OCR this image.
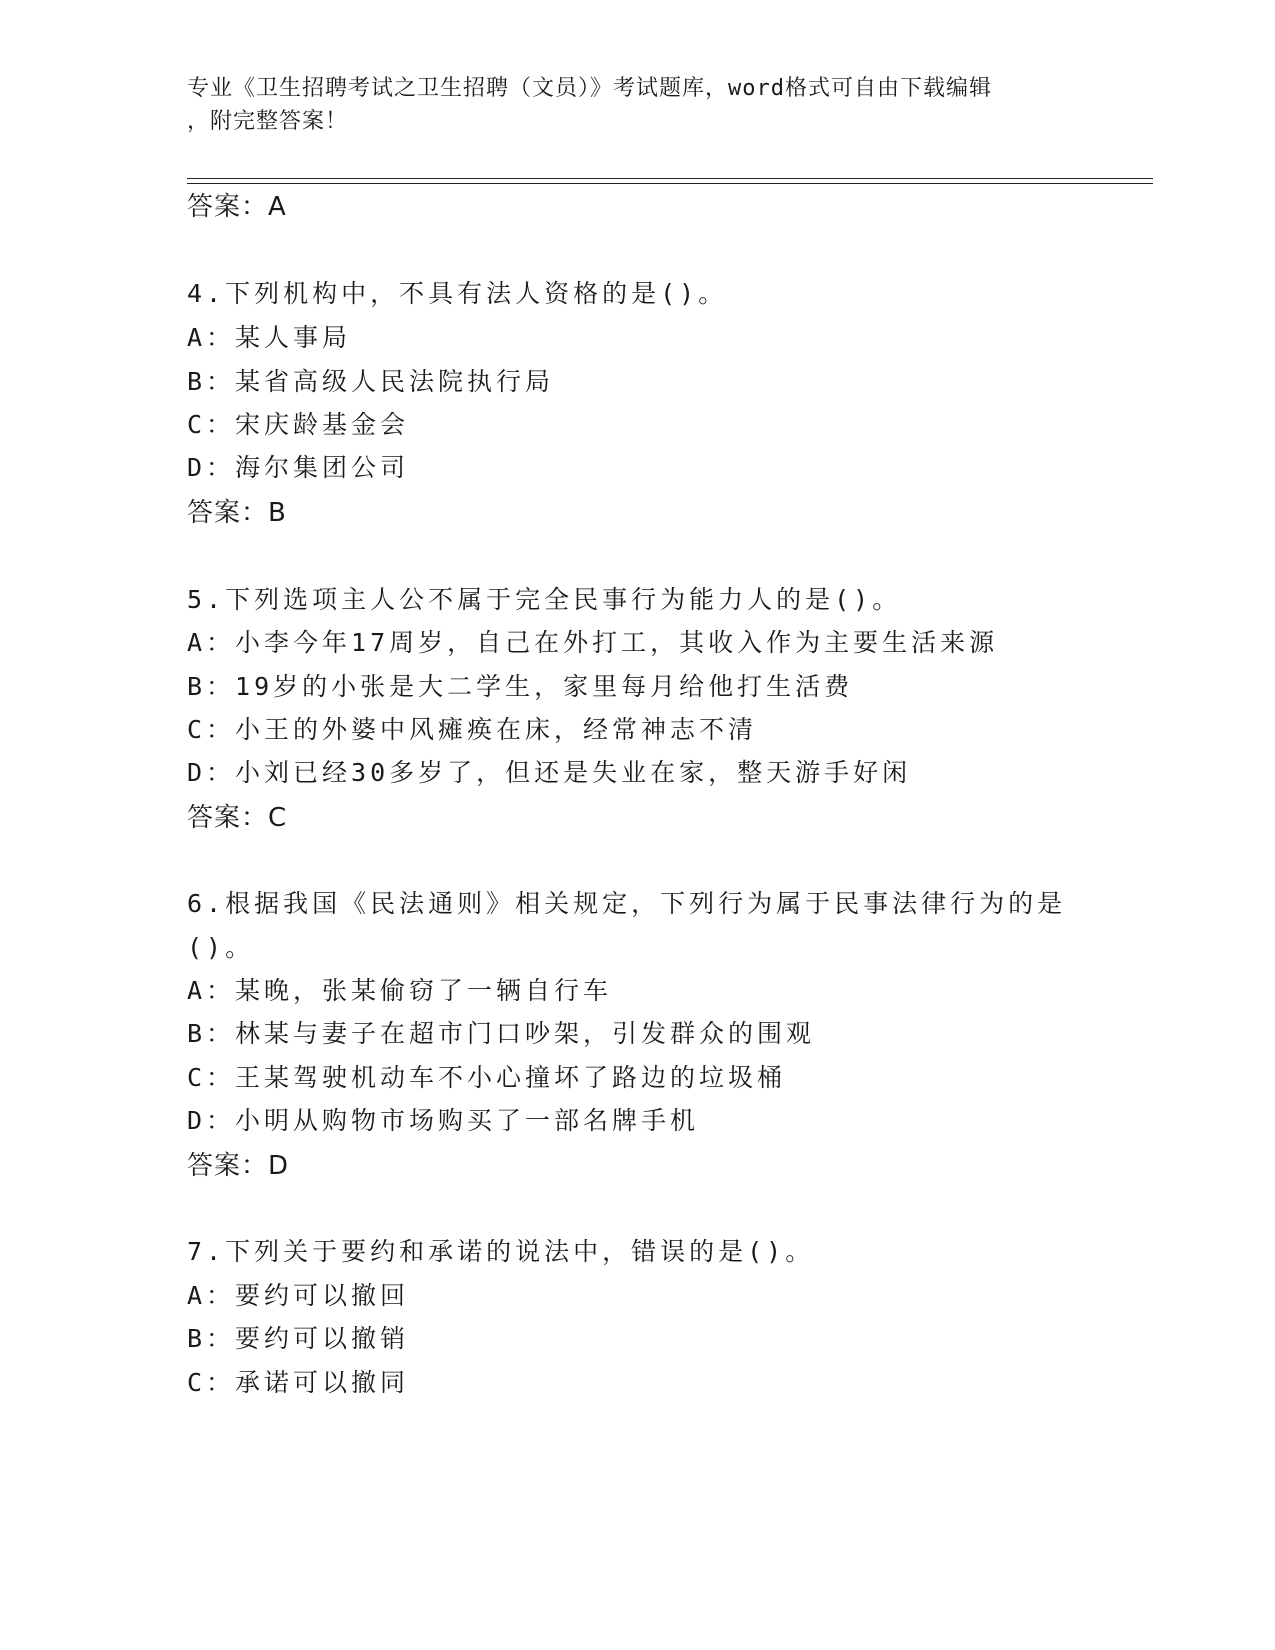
专业《卫生招聘考试之卫生招聘（文员）》考试题库，word格式可自由下载编辑
，附完整答案！
答案：A
4.下列机构中，不具有法人资格的是()。
A：某人事局
B：某省高级人民法院执行局
C：宋庆龄基金会
D：海尔集团公司
答案：B
5.下列选项主人公不属于完全民事行为能力人的是()。
A：小李今年17周岁，自己在外打工，其收入作为主要生活来源
B：19岁的小张是大二学生，家里每月给他打生活费
C：小王的外婆中风瘫痪在床，经常神志不清
D：小刘已经30多岁了，但还是失业在家，整天游手好闲
答案：C
6.根据我国《民法通则》相关规定，下列行为属于民事法律行为的是
()。
A：某晚，张某偷窃了一辆自行车
B：林某与妻子在超市门口吵架，引发群众的围观
C：王某驾驶机动车不小心撞坏了路边的垃圾桶
D：小明从购物市场购买了一部名牌手机
答案：D
7.下列关于要约和承诺的说法中，错误的是()。
A：要约可以撤回
B：要约可以撤销
C：承诺可以撤同
